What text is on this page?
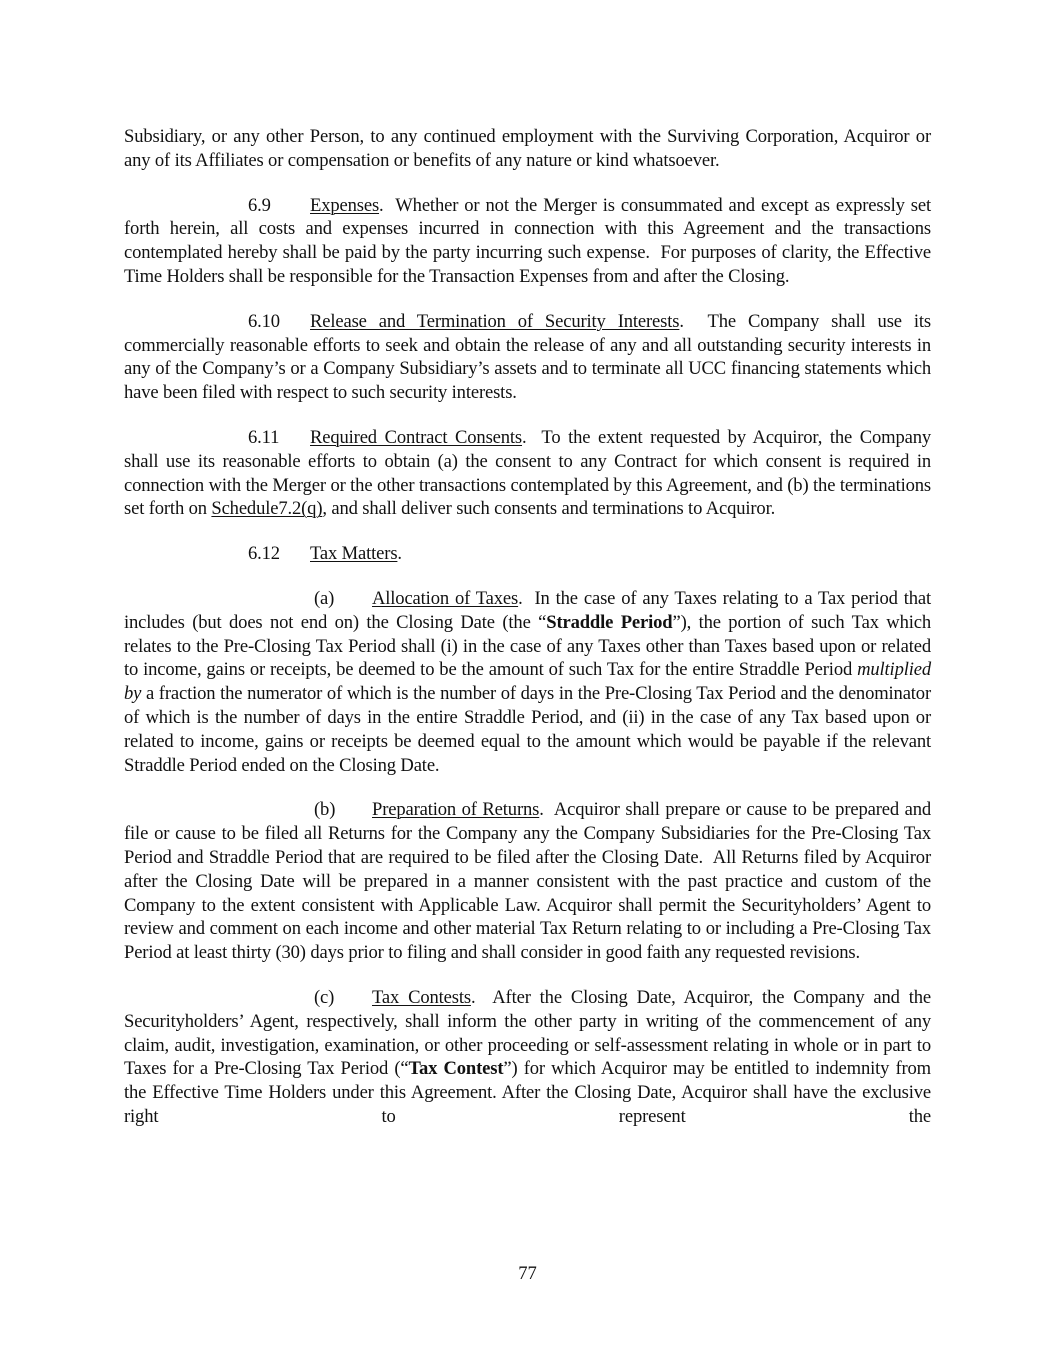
Subsidiary, or any other Person, to any continued employment with the Surviving Corporation, Acquiror or any of its Affiliates or compensation or benefits of any nature or kind whatsoever.

6.9 Expenses.  Whether or not the Merger is consummated and except as expressly set forth herein, all costs and expenses incurred in connection with this Agreement and the transactions contemplated hereby shall be paid by the party incurring such expense.  For purposes of clarity, the Effective Time Holders shall be responsible for the Transaction Expenses from and after the Closing.

6.10 Release and Termination of Security Interests.  The Company shall use its commercially reasonable efforts to seek and obtain the release of any and all outstanding security interests in any of the Company’s or a Company Subsidiary’s assets and to terminate all UCC financing statements which have been filed with respect to such security interests.

6.11 Required Contract Consents.  To the extent requested by Acquiror, the Company shall use its reasonable efforts to obtain (a) the consent to any Contract for which consent is required in connection with the Merger or the other transactions contemplated by this Agreement, and (b) the terminations set forth on Schedule7.2(q), and shall deliver such consents and terminations to Acquiror.

6.12 Tax Matters.

(a) Allocation of Taxes.  In the case of any Taxes relating to a Tax period that includes (but does not end on) the Closing Date (the “Straddle Period”), the portion of such Tax which relates to the Pre-Closing Tax Period shall (i) in the case of any Taxes other than Taxes based upon or related to income, gains or receipts, be deemed to be the amount of such Tax for the entire Straddle Period multiplied by a fraction the numerator of which is the number of days in the Pre-Closing Tax Period and the denominator of which is the number of days in the entire Straddle Period, and (ii) in the case of any Tax based upon or related to income, gains or receipts be deemed equal to the amount which would be payable if the relevant Straddle Period ended on the Closing Date.

(b) Preparation of Returns.  Acquiror shall prepare or cause to be prepared and file or cause to be filed all Returns for the Company any the Company Subsidiaries for the Pre-Closing Tax Period and Straddle Period that are required to be filed after the Closing Date.  All Returns filed by Acquiror after the Closing Date will be prepared in a manner consistent with the past practice and custom of the Company to the extent consistent with Applicable Law. Acquiror shall permit the Securityholders’ Agent to review and comment on each income and other material Tax Return relating to or including a Pre-Closing Tax Period at least thirty (30) days prior to filing and shall consider in good faith any requested revisions.

(c) Tax Contests.  After the Closing Date, Acquiror, the Company and the Securityholders’ Agent, respectively, shall inform the other party in writing of the commencement of any claim, audit, investigation, examination, or other proceeding or self-assessment relating in whole or in part to Taxes for a Pre-Closing Tax Period (“Tax Contest”) for which Acquiror may be entitled to indemnity from the Effective Time Holders under this Agreement. After the Closing Date, Acquiror shall have the exclusive right to represent the

77
